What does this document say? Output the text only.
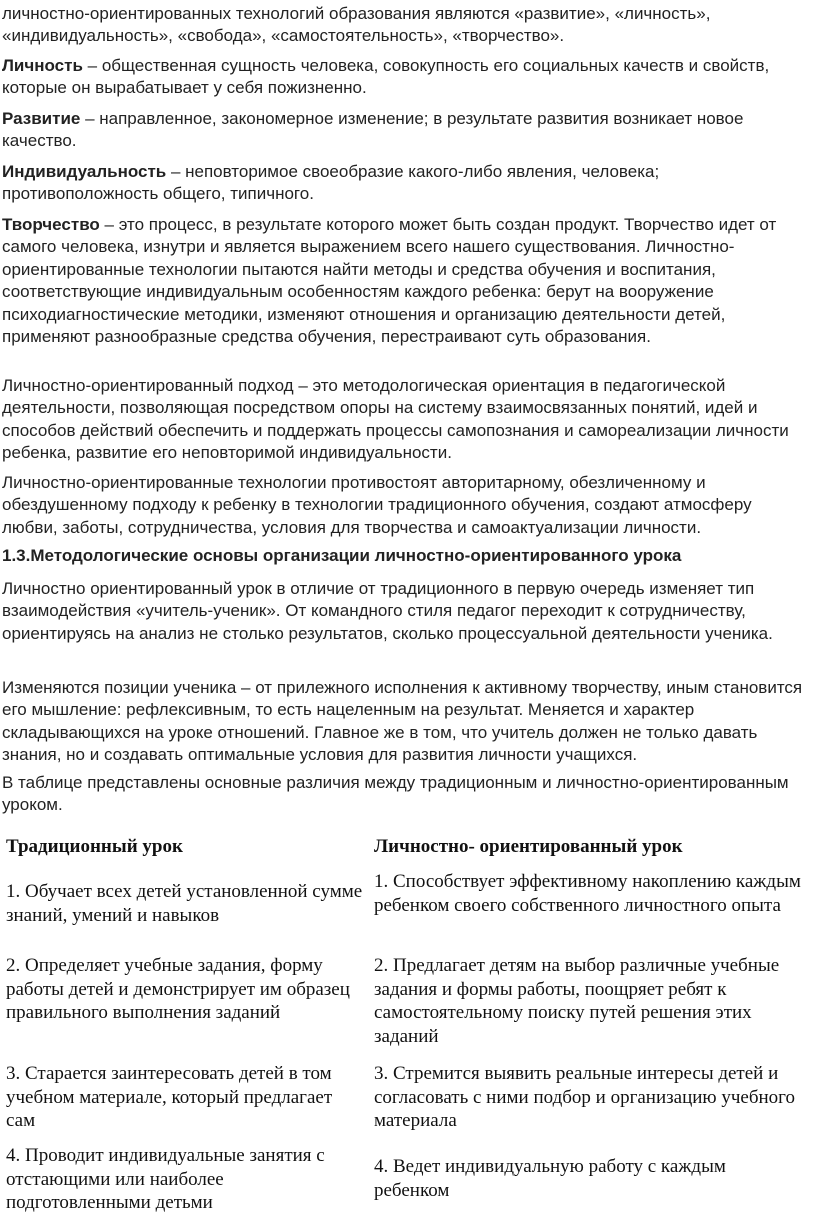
личностно-ориентированных технологий образования являются «развитие», «личность», «индивидуальность», «свобода», «самостоятельность», «творчество».

Личность – общественная сущность человека, совокупность его социальных качеств и свойств, которые он вырабатывает у себя пожизненно.

Развитие – направленное, закономерное изменение; в результате развития возникает новое качество.

Индивидуальность – неповторимое своеобразие какого-либо явления, человека; противоположность общего, типичного.

Творчество – это процесс, в результате которого может быть создан продукт. Творчество идет от самого человека, изнутри и является выражением всего нашего существования. Личностно-ориентированные технологии пытаются найти методы и средства обучения и воспитания, соответствующие индивидуальным особенностям каждого ребенка: берут на вооружение психодиагностические методики, изменяют отношения и организацию деятельности детей, применяют разнообразные средства обучения, перестраивают суть образования.

Личностно-ориентированный подход – это методологическая ориентация в педагогической деятельности, позволяющая посредством опоры на систему взаимосвязанных понятий, идей и способов действий обеспечить и поддержать процессы самопознания и самореализации личности ребенка, развитие его неповторимой индивидуальности.

Личностно-ориентированные технологии противостоят авторитарному, обезличенному и обездушенному подходу к ребенку в технологии традиционного обучения, создают атмосферу любви, заботы, сотрудничества, условия для творчества и самоактуализации личности.

1.3.Методологические основы организации личностно-ориентированного урока

Личностно ориентированный урок в отличие от традиционного в первую очередь изменяет тип взаимодействия «учитель-ученик». От командного стиля педагог переходит к сотрудничеству, ориентируясь на анализ не столько результатов, сколько процессуальной деятельности ученика.

Изменяются позиции ученика – от прилежного исполнения к активному творчеству, иным становится его мышление: рефлексивным, то есть нацеленным на результат. Меняется и характер складывающихся на уроке отношений. Главное же в том, что учитель должен не только давать знания, но и создавать оптимальные условия для развития личности учащихся.

В таблице представлены основные различия между традиционным и личностно-ориентированным уроком.

Традиционный урок	Личностно- ориентированный урок
1. Обучает всех детей установленной сумме знаний, умений и навыков
1. Способствует эффективному накоплению каждым ребенком своего собственного личностного опыта
2. Определяет учебные задания, форму работы детей и демонстрирует им образец правильного выполнения заданий
2. Предлагает детям на выбор различные учебные задания и формы работы, поощряет ребят к самостоятельному поиску путей решения этих заданий
3. Старается заинтересовать детей в том учебном материале, который предлагает сам
3. Стремится выявить реальные интересы детей и согласовать с ними подбор и организацию учебного материала
4. Проводит индивидуальные занятия с отстающими или наиболее подготовленными детьми
4. Ведет индивидуальную работу с каждым ребенком
